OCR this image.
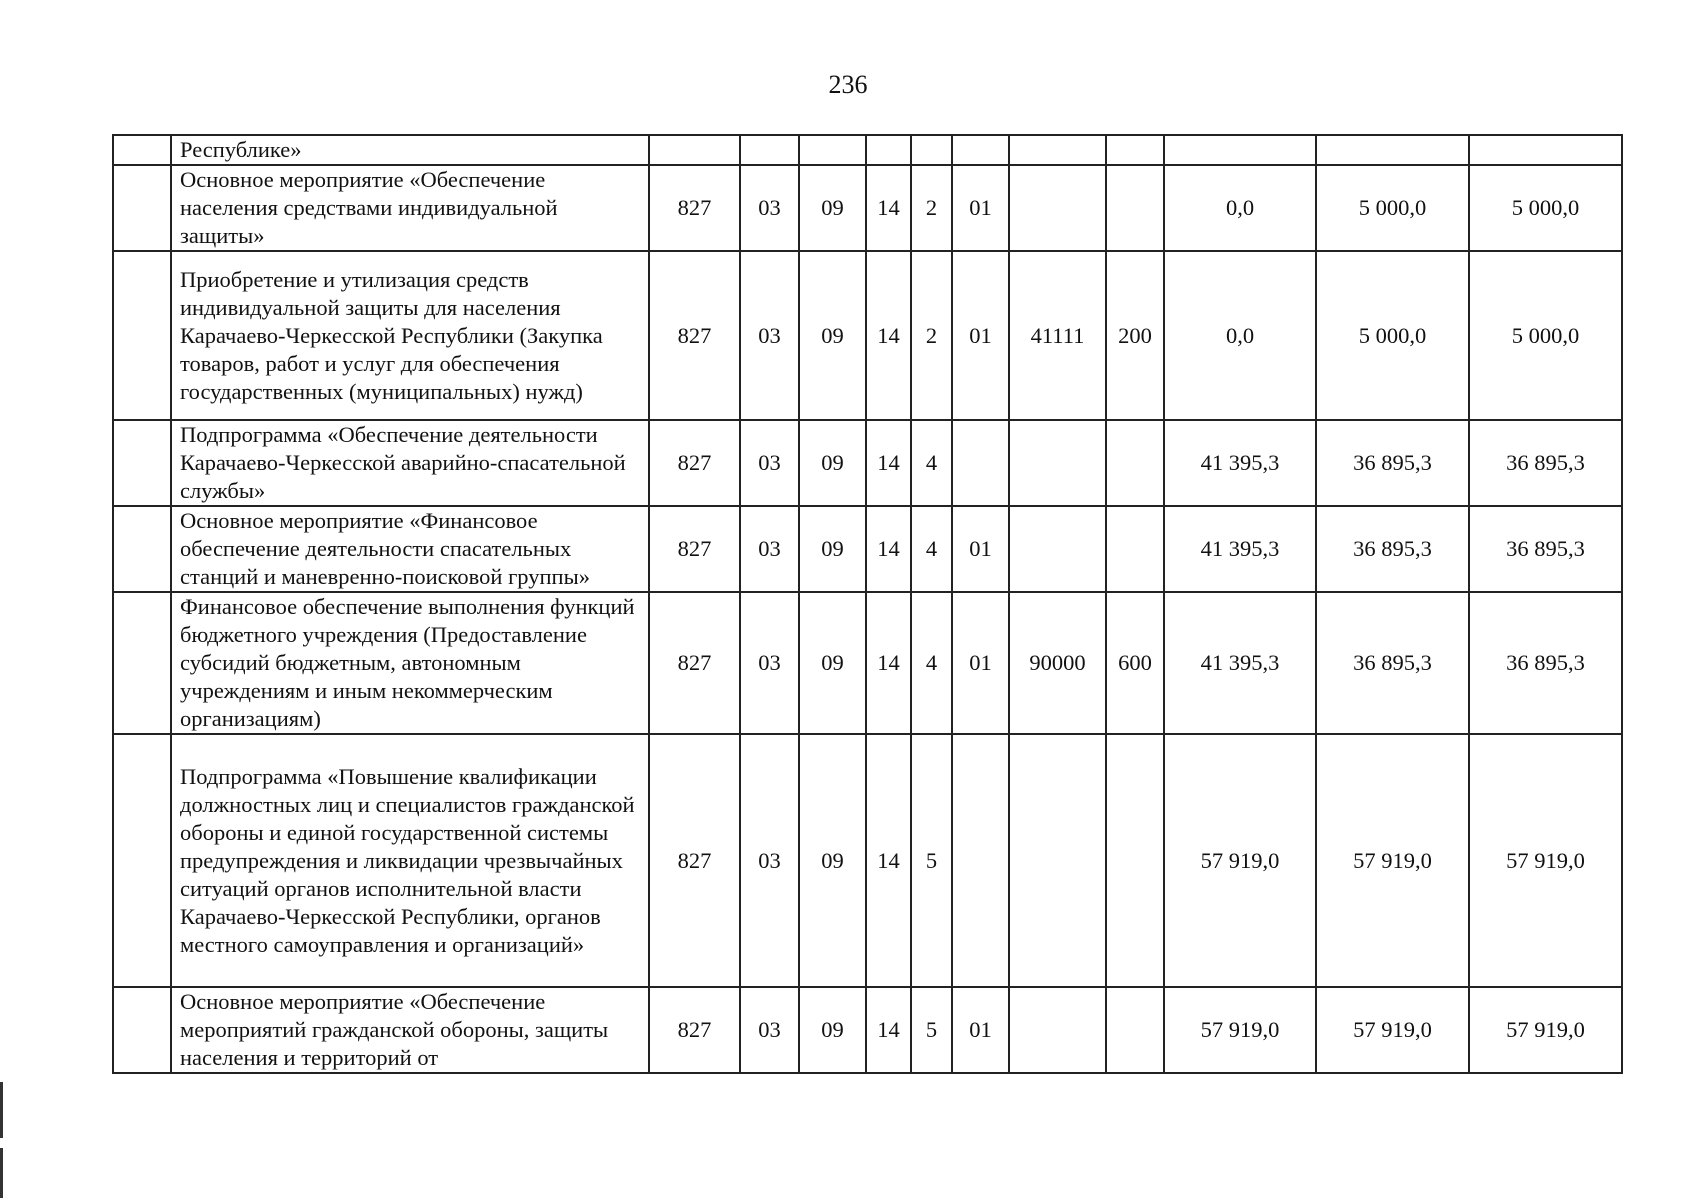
236
	Республике»											
	Основное мероприятие «Обеспечение населения средствами индивидуальной защиты»	827	03	09	14	2	01			0,0	5 000,0	5 000,0
	Приобретение и утилизация средств индивидуальной защиты для населения Карачаево-Черкесской Республики (Закупка товаров, работ и услуг для обеспечения государственных (муниципальных) нужд)	827	03	09	14	2	01	41111	200	0,0	5 000,0	5 000,0
	Подпрограмма «Обеспечение деятельности Карачаево-Черкесской аварийно-спасательной службы»	827	03	09	14	4				41 395,3	36 895,3	36 895,3
	Основное мероприятие «Финансовое обеспечение деятельности спасательных станций и маневренно-поисковой группы»	827	03	09	14	4	01			41 395,3	36 895,3	36 895,3
	Финансовое обеспечение выполнения функций бюджетного учреждения (Предоставление субсидий бюджетным, автономным учреждениям и иным некоммерческим организациям)	827	03	09	14	4	01	90000	600	41 395,3	36 895,3	36 895,3
	Подпрограмма «Повышение квалификации должностных лиц и специалистов гражданской обороны и единой государственной системы предупреждения и ликвидации чрезвычайных ситуаций органов исполнительной власти Карачаево-Черкесской Республики, органов местного самоуправления и организаций»	827	03	09	14	5				57 919,0	57 919,0	57 919,0
	Основное мероприятие «Обеспечение мероприятий гражданской обороны, защиты населения и территорий от	827	03	09	14	5	01			57 919,0	57 919,0	57 919,0
